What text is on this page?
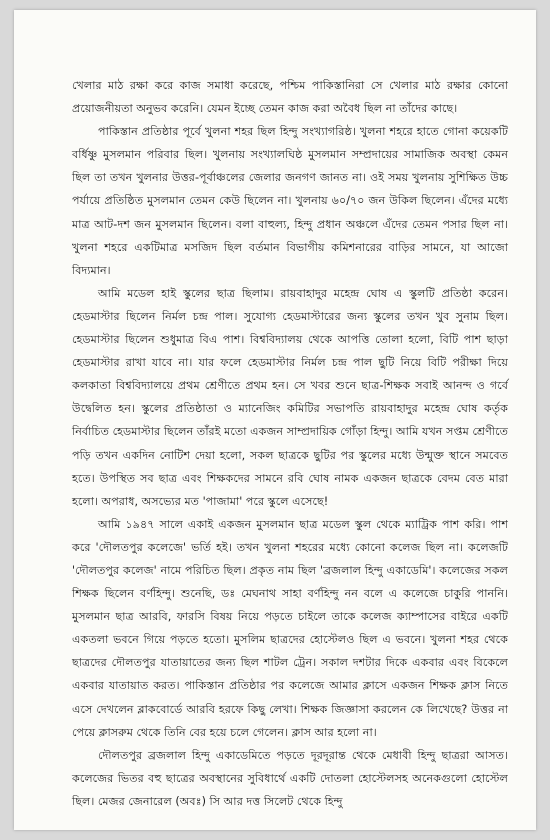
খেলার মাঠ রক্ষা করে কাজ সমাধা করেছে, পশ্চিম পাকিস্তানিরা সে খেলার মাঠ রক্ষার কোনো প্রয়োজনীয়তা অনুভব করেনি। যেমন ইচ্ছে তেমন কাজ করা অবৈধ ছিল না তাঁদের কাছে।

পাকিস্তান প্রতিষ্ঠার পূর্বে খুলনা শহর ছিল হিন্দু সংখ্যাগরিষ্ঠ। খুলনা শহরে হাতে গোনা কয়েকটি বর্ধিষ্ণু মুসলমান পরিবার ছিল। খুলনায় সংখ্যালঘিষ্ঠ মুসলমান সম্প্রদায়ের সামাজিক অবস্থা কেমন ছিল তা তখন খুলনার উত্তর-পূর্বাঞ্চলের জেলার জনগণ জানত না। ওই সময় খুলনায় সুশিক্ষিত উচ্চ পর্যায়ে প্রতিষ্ঠিত মুসলমান তেমন কেউ ছিলেন না। খুলনায় ৬০/৭০ জন উকিল ছিলেন। এঁদের মধ্যে মাত্র আট-দশ জন মুসলমান ছিলেন। বলা বাহুল্য, হিন্দু প্রধান অঞ্চলে এঁদের তেমন পসার ছিল না। খুলনা শহরে একটিমাত্র মসজিদ ছিল বর্তমান বিভাগীয় কমিশনারের বাড়ির সামনে, যা আজো বিদ্যমান।

আমি মডেল হাই স্কুলের ছাত্র ছিলাম। রায়বাহাদুর মহেন্দ্র ঘোষ এ স্কুলটি প্রতিষ্ঠা করেন। হেডমাস্টার ছিলেন নির্মল চন্দ্র পাল। সুযোগ্য হেডমাস্টারের জন্য স্কুলের তখন খুব সুনাম ছিল। হেডমাস্টার ছিলেন শুধুমাত্র বিএ পাশ। বিশ্ববিদ্যালয় থেকে আপত্তি তোলা হলো, বিটি পাশ ছাড়া হেডমাস্টার রাখা যাবে না। যার ফলে হেডমাস্টার নির্মল চন্দ্র পাল ছুটি নিয়ে বিটি পরীক্ষা দিয়ে কলকাতা বিশ্ববিদ্যালয়ে প্রথম শ্রেণীতে প্রথম হন। সে খবর শুনে ছাত্র-শিক্ষক সবাই আনন্দ ও গর্বে উদ্বেলিত হন। স্কুলের প্রতিষ্ঠাতা ও ম্যানেজিং কমিটির সভাপতি রায়বাহাদুর মহেন্দ্র ঘোষ কর্তৃক নির্বাচিত হেডমাস্টার ছিলেন তাঁরই মতো একজন সাম্প্রদায়িক গোঁড়া হিন্দু। আমি যখন সপ্তম শ্রেণীতে পড়ি তখন একদিন নোটিশ দেয়া হলো, সকল ছাত্রকে ছুটির পর স্কুলের মধ্যে উন্মুক্ত স্থানে সমবেত হতে। উপস্থিত সব ছাত্র এবং শিক্ষকদের সামনে রবি ঘোষ নামক একজন ছাত্রকে বেদম বেত মারা হলো। অপরাধ, অসভ্যের মত 'পাজামা' পরে স্কুলে এসেছে!

আমি ১৯৪৭ সালে একাই একজন মুসলমান ছাত্র মডেল স্কুল থেকে ম্যাট্রিক পাশ করি। পাশ করে 'দৌলতপুর কলেজে' ভর্তি হই। তখন খুলনা শহরের মধ্যে কোনো কলেজ ছিল না। কলেজটি 'দৌলতপুর কলেজ' নামে পরিচিত ছিল। প্রকৃত নাম ছিল 'ব্রজলাল হিন্দু একাডেমি'। কলেজের সকল শিক্ষক ছিলেন বর্ণহিন্দু। শুনেছি, ডঃ মেঘনাথ সাহা বর্ণহিন্দু নন বলে এ কলেজে চাকুরি পাননি। মুসলমান ছাত্র আরবি, ফারসি বিষয় নিয়ে পড়তে চাইলে তাকে কলেজ ক্যাম্পাসের বাইরে একটি একতলা ভবনে গিয়ে পড়তে হতো। মুসলিম ছাত্রদের হোস্টেলও ছিল এ ভবনে। খুলনা শহর থেকে ছাত্রদের দৌলতপুর যাতায়াতের জন্য ছিল শাটল ট্রেন। সকাল দশটার দিকে একবার এবং বিকেলে একবার যাতায়াত করত। পাকিস্তান প্রতিষ্ঠার পর কলেজে আমার ক্লাসে একজন শিক্ষক ক্লাস নিতে এসে দেখলেন ব্লাকবোর্ডে আরবি হরফে কিছু লেখা। শিক্ষক জিজ্ঞাসা করলেন কে লিখেছে? উত্তর না পেয়ে ক্লাসরুম থেকে তিনি বের হয়ে চলে গেলেন। ক্লাস আর হলো না।

দৌলতপুর ব্রজলাল হিন্দু একাডেমিতে পড়তে দূরদূরান্ত থেকে মেধাবী হিন্দু ছাত্ররা আসত। কলেজের ভিতর বহু ছাত্রের অবস্থানের সুবিধার্থে একটি দোতলা হোস্টেলসহ অনেকগুলো হোস্টেল ছিল। মেজর জেনারেল (অবঃ) সি আর দত্ত সিলেট থেকে হিন্দু
